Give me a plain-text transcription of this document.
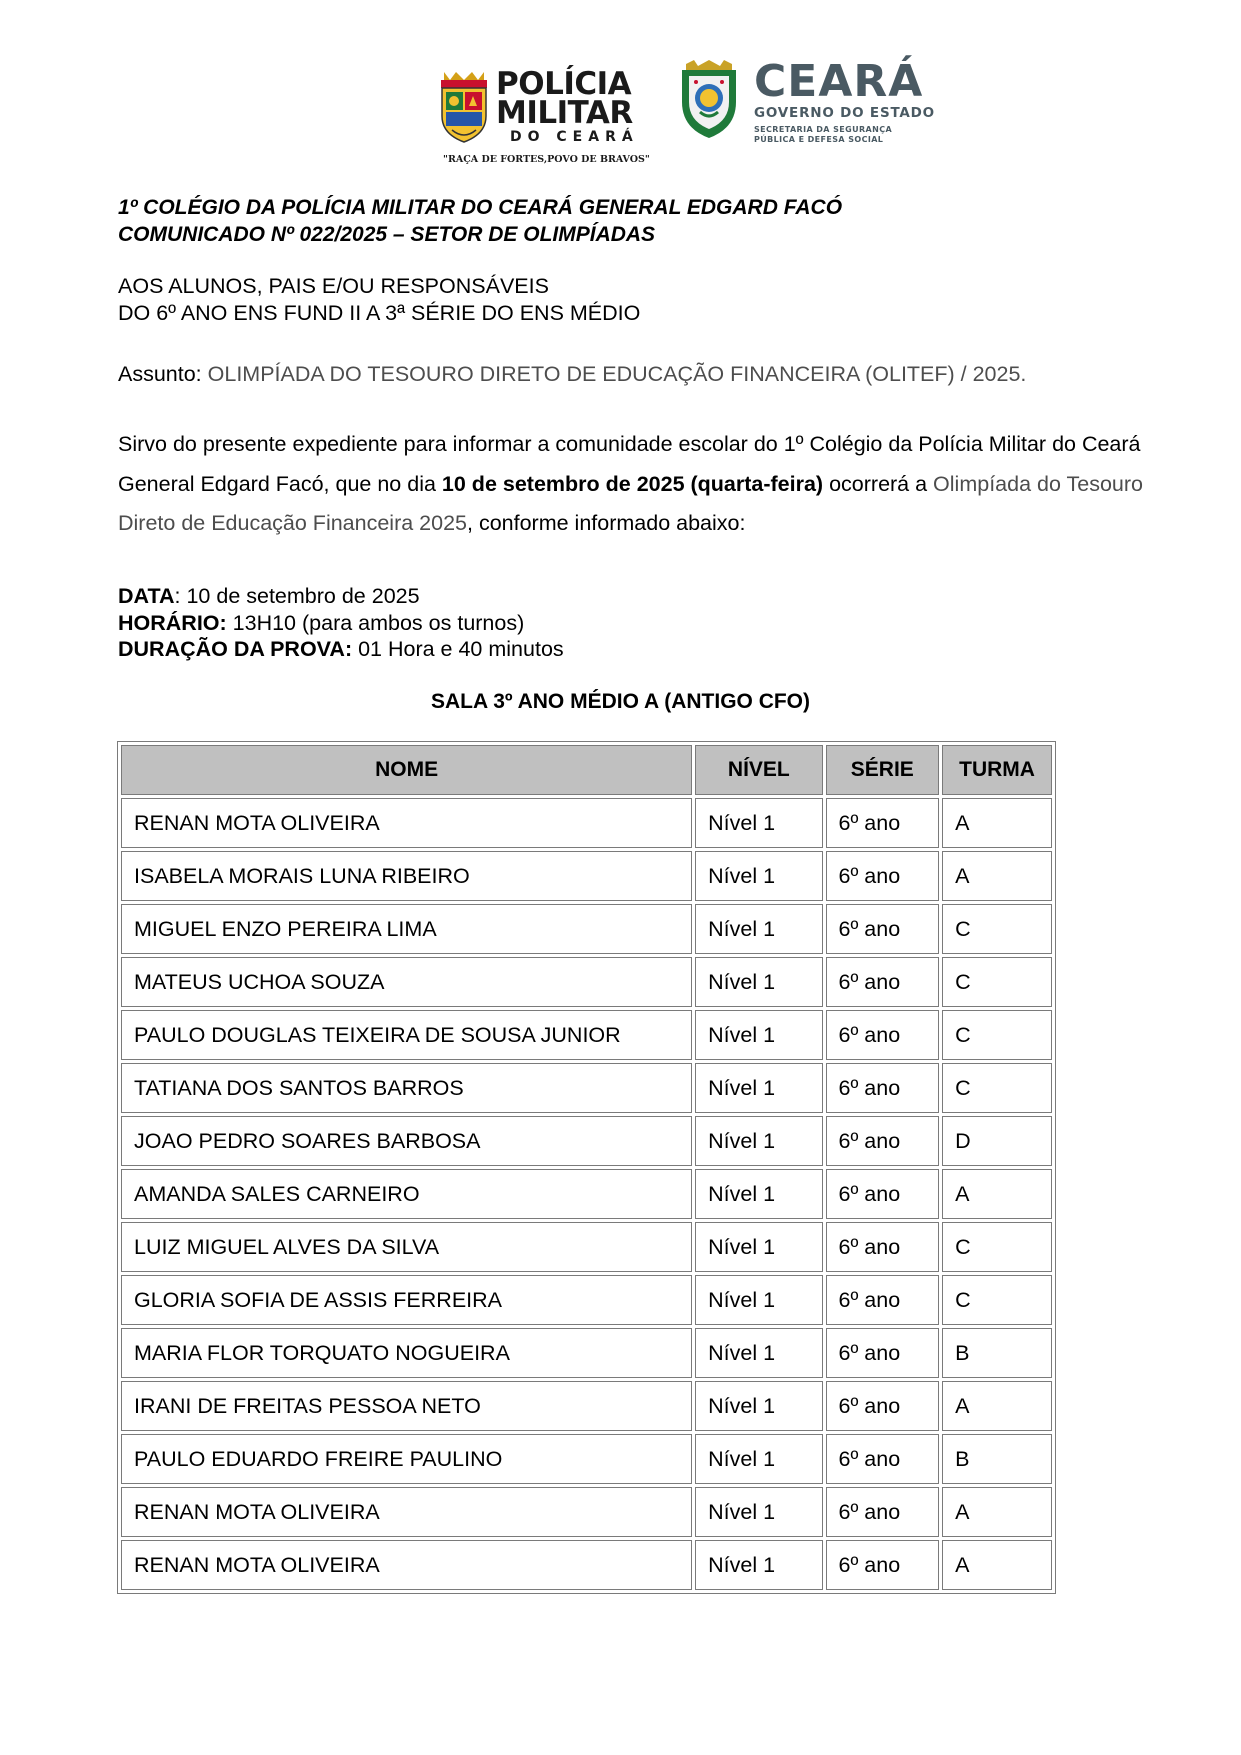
POLÍCIA
MILITAR
DO CEARÁ
"RAÇA DE FORTES,POVO DE BRAVOS"
CEARÁ
GOVERNO DO ESTADO
SECRETARIA DA SEGURANÇA
PÚBLICA E DEFESA SOCIAL
1º COLÉGIO DA POLÍCIA MILITAR DO CEARÁ GENERAL EDGARD FACÓ
COMUNICADO Nº 022/2025 – SETOR DE OLIMPÍADAS
AOS ALUNOS, PAIS E/OU RESPONSÁVEIS
DO 6º ANO ENS FUND II A 3ª SÉRIE DO ENS MÉDIO
Assunto: OLIMPÍADA DO TESOURO DIRETO DE EDUCAÇÃO FINANCEIRA (OLITEF) / 2025.
Sirvo do presente expediente para informar a comunidade escolar do 1º Colégio da Polícia Militar do Ceará General Edgard Facó, que no dia 10 de setembro de 2025 (quarta-feira) ocorrerá a Olimpíada do Tesouro Direto de Educação Financeira 2025, conforme informado abaixo:
DATA: 10 de setembro de 2025
HORÁRIO: 13H10 (para ambos os turnos)
DURAÇÃO DA PROVA: 01 Hora e 40 minutos
SALA 3º ANO MÉDIO A (ANTIGO CFO)
NOME	NÍVEL	SÉRIE	TURMA
RENAN MOTA OLIVEIRA	Nível 1	6º ano	A
ISABELA MORAIS LUNA RIBEIRO	Nível 1	6º ano	A
MIGUEL ENZO PEREIRA LIMA	Nível 1	6º ano	C
MATEUS UCHOA SOUZA	Nível 1	6º ano	C
PAULO DOUGLAS TEIXEIRA DE SOUSA JUNIOR	Nível 1	6º ano	C
TATIANA DOS SANTOS BARROS	Nível 1	6º ano	C
JOAO PEDRO SOARES BARBOSA	Nível 1	6º ano	D
AMANDA SALES CARNEIRO	Nível 1	6º ano	A
LUIZ MIGUEL ALVES DA SILVA	Nível 1	6º ano	C
GLORIA SOFIA DE ASSIS FERREIRA	Nível 1	6º ano	C
MARIA FLOR TORQUATO NOGUEIRA	Nível 1	6º ano	B
IRANI DE FREITAS PESSOA NETO	Nível 1	6º ano	A
PAULO EDUARDO FREIRE PAULINO	Nível 1	6º ano	B
RENAN MOTA OLIVEIRA	Nível 1	6º ano	A
RENAN MOTA OLIVEIRA	Nível 1	6º ano	A
